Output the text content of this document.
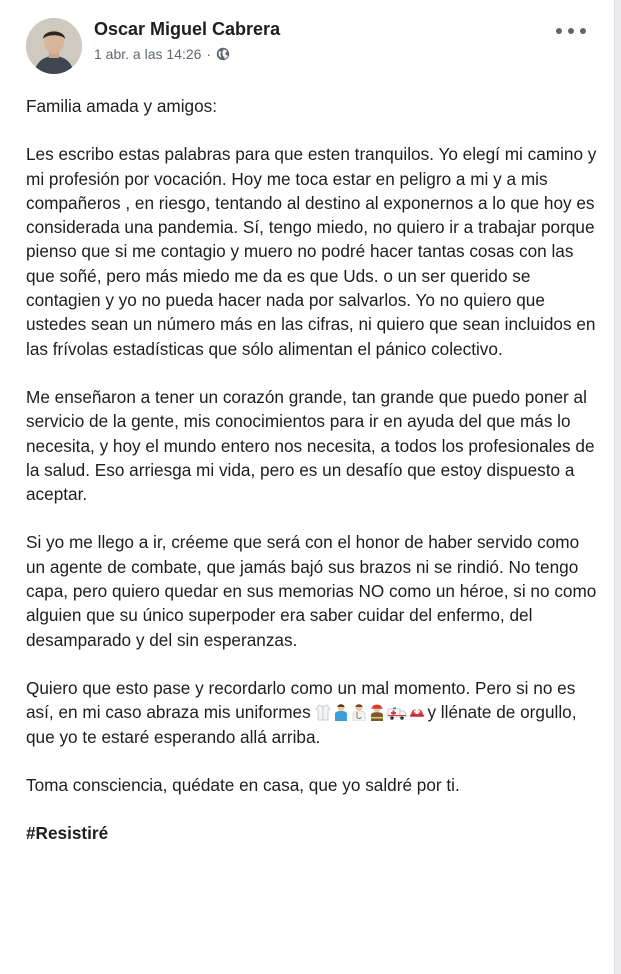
Oscar Miguel Cabrera
1 abr. a las 14:26 ·

Familia amada y amigos:

Les escribo estas palabras para que esten tranquilos. Yo elegí mi camino y mi profesión por vocación. Hoy me toca estar en peligro a mi y a mis compañeros , en riesgo, tentando al destino al exponernos a lo que hoy es considerada una pandemia. Sí, tengo miedo, no quiero ir a trabajar porque pienso que si me contagio y muero no podré hacer tantas cosas con las que soñé, pero más miedo me da es que Uds. o un ser querido se contagien y yo no pueda hacer nada por salvarlos. Yo no quiero que ustedes sean un número más en las cifras, ni quiero que sean incluidos en las frívolas estadísticas que sólo alimentan el pánico colectivo.

Me enseñaron a tener un corazón grande, tan grande que puedo poner al servicio de la gente, mis conocimientos para ir en ayuda del que más lo necesita, y hoy el mundo entero nos necesita, a todos los profesionales de la salud. Eso arriesga mi vida, pero es un desafío que estoy dispuesto a aceptar.

Si yo me llego a ir, créeme que será con el honor de haber servido como un agente de combate, que jamás bajó sus brazos ni se rindió. No tengo capa, pero quiero quedar en sus memorias NO como un héroe, si no como alguien que su único superpoder era saber cuidar del enfermo, del desamparado y del sin esperanzas.

Quiero que esto pase y recordarlo como un mal momento. Pero si no es así, en mi caso abraza mis uniformes	y llénate de orgullo, que yo te estaré esperando allá arriba.

Toma consciencia, quédate en casa, que yo saldré por ti.

#Resistiré
